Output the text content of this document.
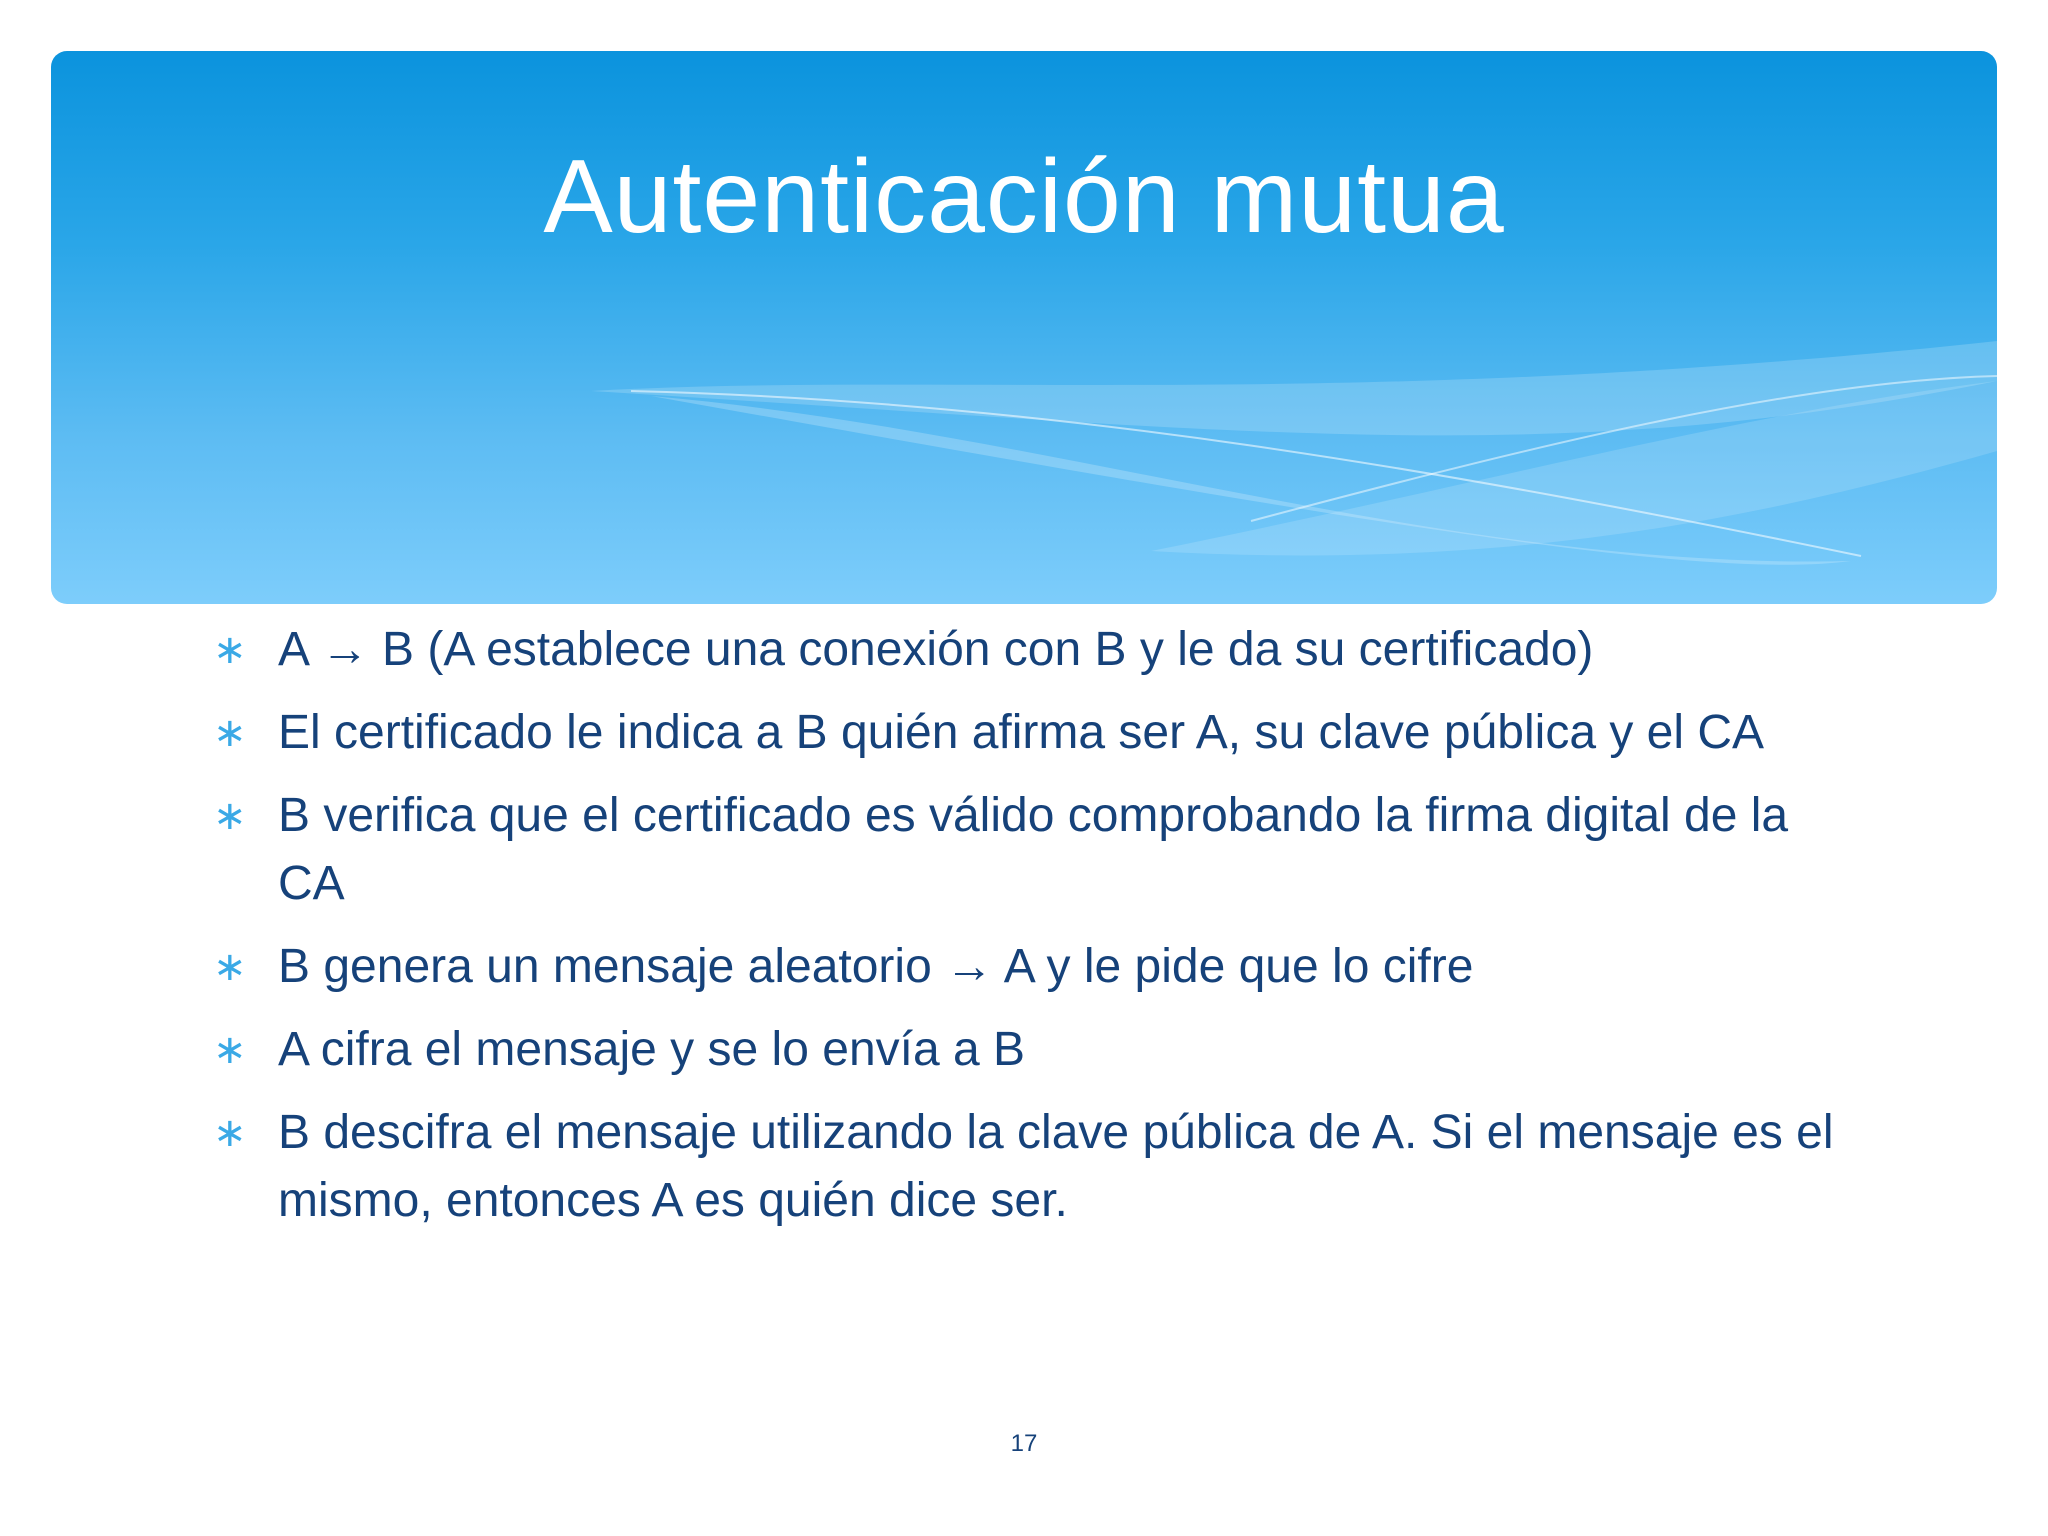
Autenticación mutua
∗ A → B (A establece una conexión con B y le da su certificado)
∗ El certificado le indica a B quién afirma ser A, su clave pública y el CA
∗ B verifica que el certificado es válido comprobando la firma digital de la CA
∗ B genera un mensaje aleatorio → A y le pide que lo cifre
∗ A cifra el mensaje y se lo envía a B
∗ B descifra el mensaje utilizando la clave pública de A. Si el mensaje es el mismo, entonces A es quién dice ser.
17
